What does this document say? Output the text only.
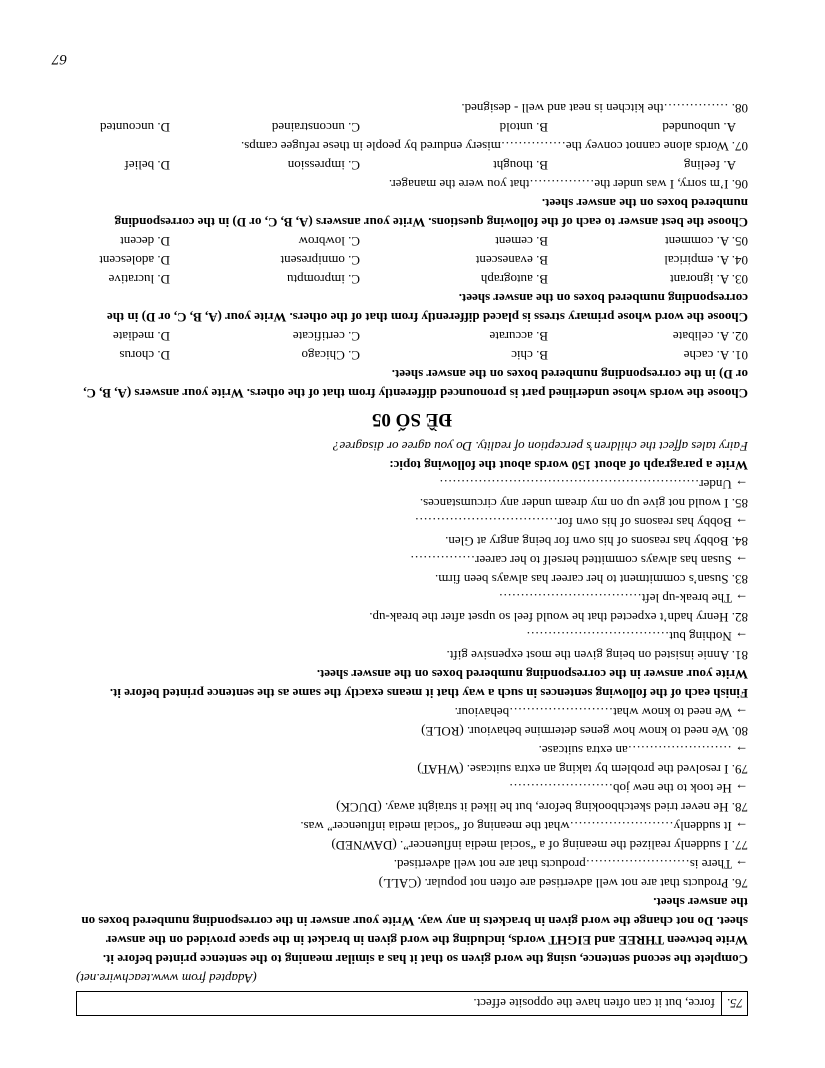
75.
force, but it can often have the opposite effect.
(Adapted from www.teachwire.net)
Complete the second sentence, using the word given so that it has a similar meaning to the sentence printed before it. Write between THREE and EIGHT words, including the word given in bracket in the space provided on the answer sheet. Do not change the word given in brackets in any way. Write your answer in the corresponding numbered boxes on the answer sheet.
76. Products that are not well advertised are often not popular. (CALL)
→ There is……………………products that are not well advertised.
77. I suddenly realized the meaning of a “social media influencer”. (DAWNED)
→ It suddenly……………………what the meaning of “social media influencer” was.
78. He never tried sketchbooking before, but he liked it straight away. (DUCK)
→ He took to the new job……………………
79. I resolved the problem by taking an extra suitcase. (WHAT)
→ ……………………an extra suitcase.
80. We need to know how genes determine behaviour. (ROLE)
→ We need to know what……………………behaviour.
Finish each of the following sentences in such a way that it means exactly the same as the sentence printed before it. Write your answer in the corresponding numbered boxes on the answer sheet.
81. Annie insisted on being given the most expensive gift.
→ Nothing but……………………………
82. Henry hadn’t expected that he would feel so upset after the break-up.
→ The break-up left……………………………
83. Susan’s commitment to her career has always been firm.
→ Susan has always committed herself to her career……………
84. Bobby has reasons of his own for being angry at Glen.
→ Bobby has reasons of his own for……………………………
85. I would not give up on my dream under any circumstances.
→ Under……………………………………………………
Write a paragraph of about 150 words about the following topic:
Fairy tales affect the children’s perception of reality. Do you agree or disagree?
ĐỀ SỐ 05
Choose the words whose underlined part is pronounced differently from that of the others. Write your answers (A, B, C, or D) in the corresponding numbered boxes on the answer sheet.
01. A. cache
B. chic
C. Chicago
D. chorus
02. A. celibate
B. accurate
C. certificate
D. mediate
Choose the word whose primary stress is placed differently from that of the others. Write your (A, B, C, or D) in the corresponding numbered boxes on the answer sheet.
03. A. ignorant
B. autograph
C. impromptu
D. lucrative
04. A. empirical
B. evanescent
C. omnipresent
D. adolescent
05. A. comment
B. cement
C. lowbrow
D. decent
Choose the best answer to each of the following questions. Write your answers (A, B, C, or D) in the corresponding numbered boxes on the answer sheet.
06. I’m sorry, I was under the……………that you were the manager.
A. feeling
B. thought
C. impression
D. belief
07. Words alone cannot convey the……………misery endured by people in these refugee camps.
A. unbounded
B. untold
C. unconstrained
D. uncounted
08. ……………the kitchen is neat and well - designed.
67
